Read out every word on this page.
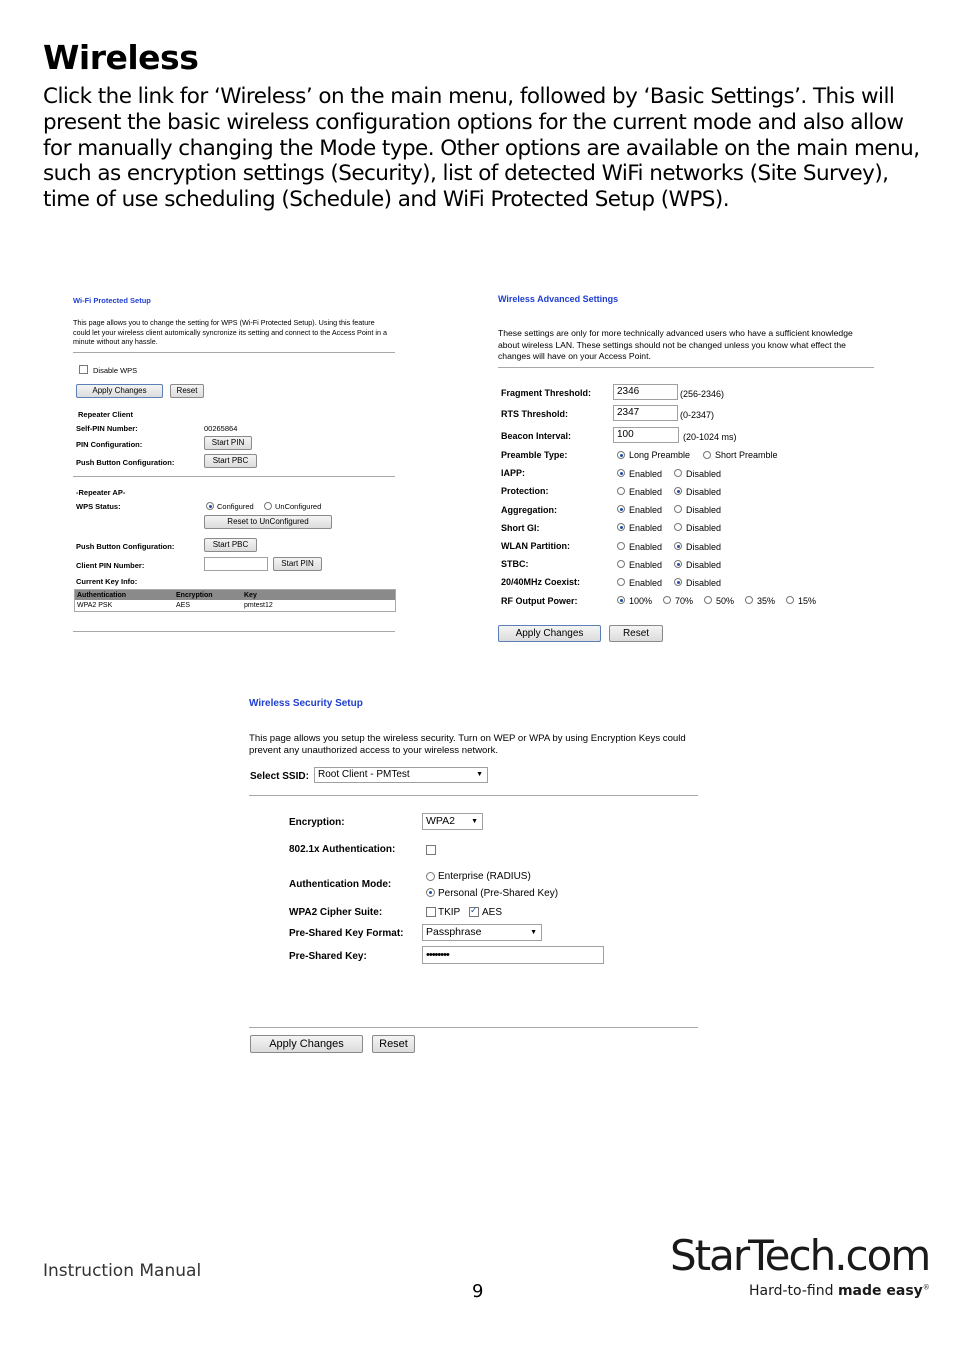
Wireless
Click the link for ‘Wireless’ on the main menu, followed by ‘Basic Settings’. This will present the basic wireless configuration options for the current mode and also allow for manually changing the Mode type. Other options are available on the main menu, such as encryption settings (Security), list of detected WiFi networks (Site Survey), time of use scheduling (Schedule) and WiFi Protected Setup (WPS).
Wi-Fi Protected Setup
This page allows you to change the setting for WPS (Wi-Fi Protected Setup). Using this feature could let your wireless client automically syncronize its setting and connect to the Access Point in a minute without any hassle.
Disable WPS
Apply Changes	Reset
Repeater Client
Self-PIN Number:	00265864
PIN Configuration:	Start PIN
Push Button Configuration:	Start PBC
-Repeater AP-
WPS Status:	Configured	UnConfigured
Reset to UnConfigured
Push Button Configuration:	Start PBC
Client PIN Number:	Start PIN
Current Key Info:
Authentication	Encryption	Key
WPA2 PSK	AES	pmtest12
Wireless Advanced Settings
These settings are only for more technically advanced users who have a sufficient knowledge about wireless LAN. These settings should not be changed unless you know what effect the changes will have on your Access Point.
Fragment Threshold:	2346	(256-2346)
RTS Threshold:	2347	(0-2347)
Beacon Interval:	100	(20-1024 ms)
Preamble Type:	Long Preamble	Short Preamble
IAPP:	Enabled	Disabled
Protection:	Enabled	Disabled
Aggregation:	Enabled	Disabled
Short GI:	Enabled	Disabled
WLAN Partition:	Enabled	Disabled
STBC:	Enabled	Disabled
20/40MHz Coexist:	Enabled	Disabled
RF Output Power:	100%	70%	50%	35%	15%
Apply Changes	Reset
Wireless Security Setup
This page allows you setup the wireless security. Turn on WEP or WPA by using Encryption Keys could prevent any unauthorized access to your wireless network.
Select SSID: Root Client - PMTest	▼
Encryption:	WPA2 ▼
802.1x Authentication:
Authentication Mode:
Enterprise (RADIUS)
Personal (Pre-Shared Key)
WPA2 Cipher Suite:	TKIP ✓ AES
Pre-Shared Key Format:	Passphrase	▼
Pre-Shared Key:	••••••••
Apply Changes	Reset
Instruction Manual
9
StarTech.com
Hard-to-find made easy®
